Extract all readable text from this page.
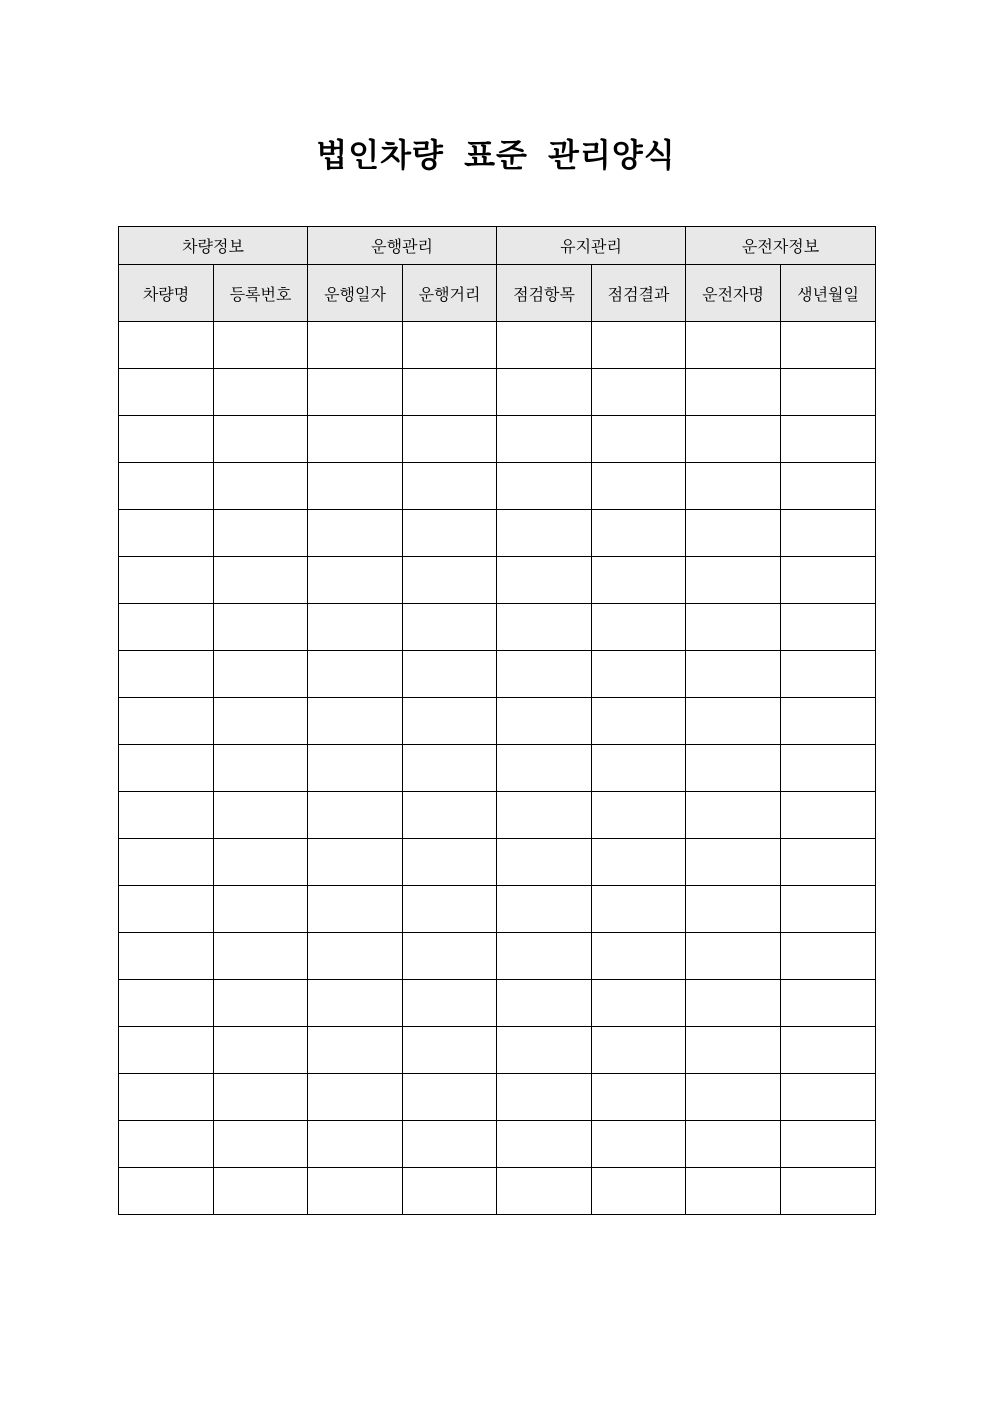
법인차량 표준 관리양식
차량정보		운행관리		유지관리		운전자정보	
차량명	등록번호	운행일자	운행거리	점검항목	점검결과	운전자명	생년월일
